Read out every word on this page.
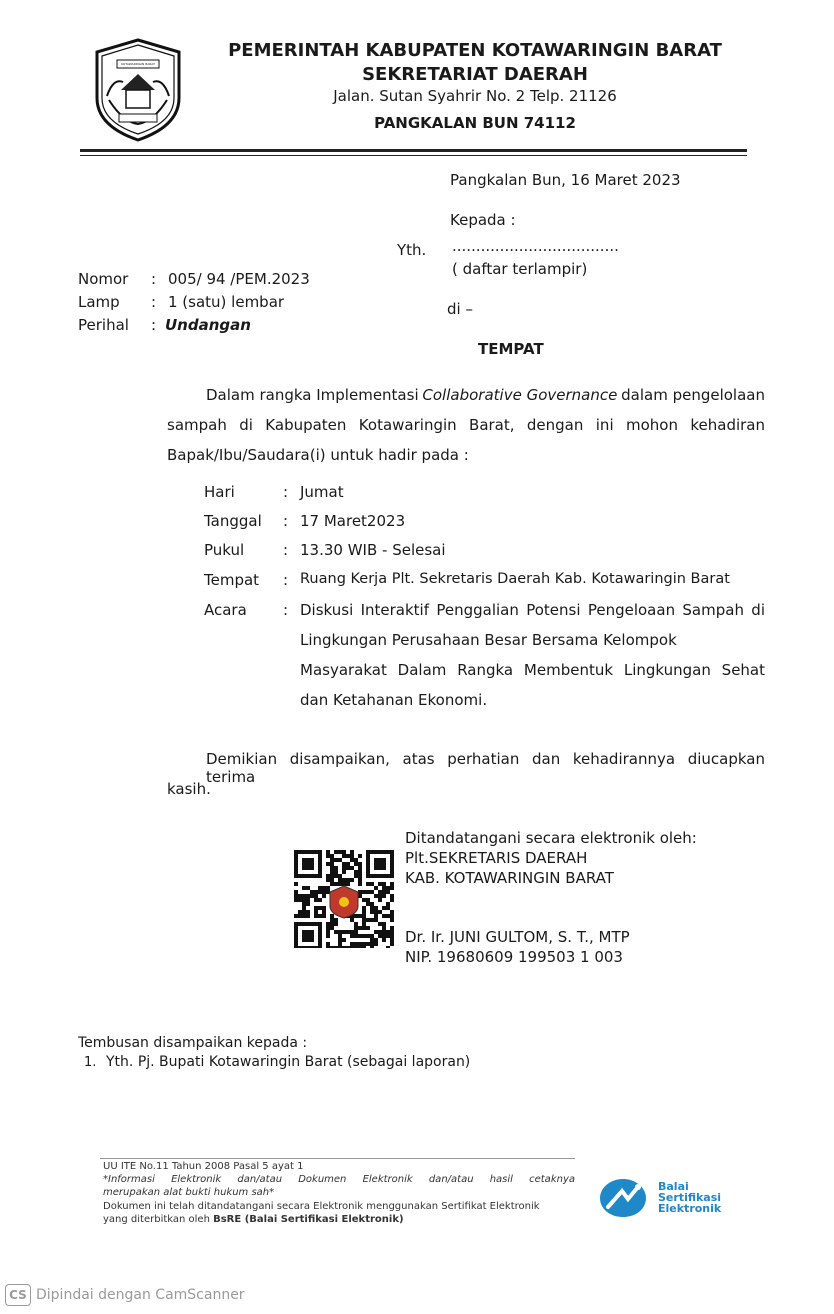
KOTAWARINGIN BARAT
PEMERINTAH KABUPATEN KOTAWARINGIN BARAT
SEKRETARIAT DAERAH
Jalan. Sutan Syahrir No. 2 Telp. 21126
PANGKALAN BUN 74112
Pangkalan Bun, 16 Maret 2023
Kepada :
Yth. ...................................
( daftar terlampir)
di –
TEMPAT
Nomor : 005/ 94 /PEM.2023
Lamp : 1 (satu) lembar
Perihal : Undangan
Dalam rangka Implementasi Collaborative Governance dalam pengelolaan
sampah di Kabupaten Kotawaringin Barat, dengan ini mohon kehadiran
Bapak/Ibu/Saudara(i) untuk hadir pada :
Hari	: Jumat
Tanggal : 17 Maret2023
Pukul	: 13.30 WIB - Selesai
Tempat : Ruang Kerja Plt. Sekretaris Daerah Kab. Kotawaringin Barat
Acara : Diskusi Interaktif Penggalian Potensi Pengeloaan Sampah di
Lingkungan Perusahaan Besar Bersama Kelompok
Masyarakat Dalam Rangka Membentuk Lingkungan Sehat
dan Ketahanan Ekonomi.
Demikian disampaikan, atas perhatian dan kehadirannya diucapkan terima
kasih.
Ditandatangani secara elektronik oleh:
Plt.SEKRETARIS DAERAH
KAB. KOTAWARINGIN BARAT
Dr. Ir. JUNI GULTOM, S. T., MTP
NIP. 19680609 199503 1 003
Tembusan disampaikan kepada :
1. Yth. Pj. Bupati Kotawaringin Barat (sebagai laporan)
UU ITE No.11 Tahun 2008 Pasal 5 ayat 1
*Informasi Elektronik dan/atau Dokumen Elektronik dan/atau hasil cetaknya
merupakan alat bukti hukum sah*
Dokumen ini telah ditandatangani secara Elektronik menggunakan Sertifikat Elektronik
yang diterbitkan oleh BsRE (Balai Sertifikasi Elektronik)
Balai
Sertifikasi
Elektronik
CS Dipindai dengan CamScanner
